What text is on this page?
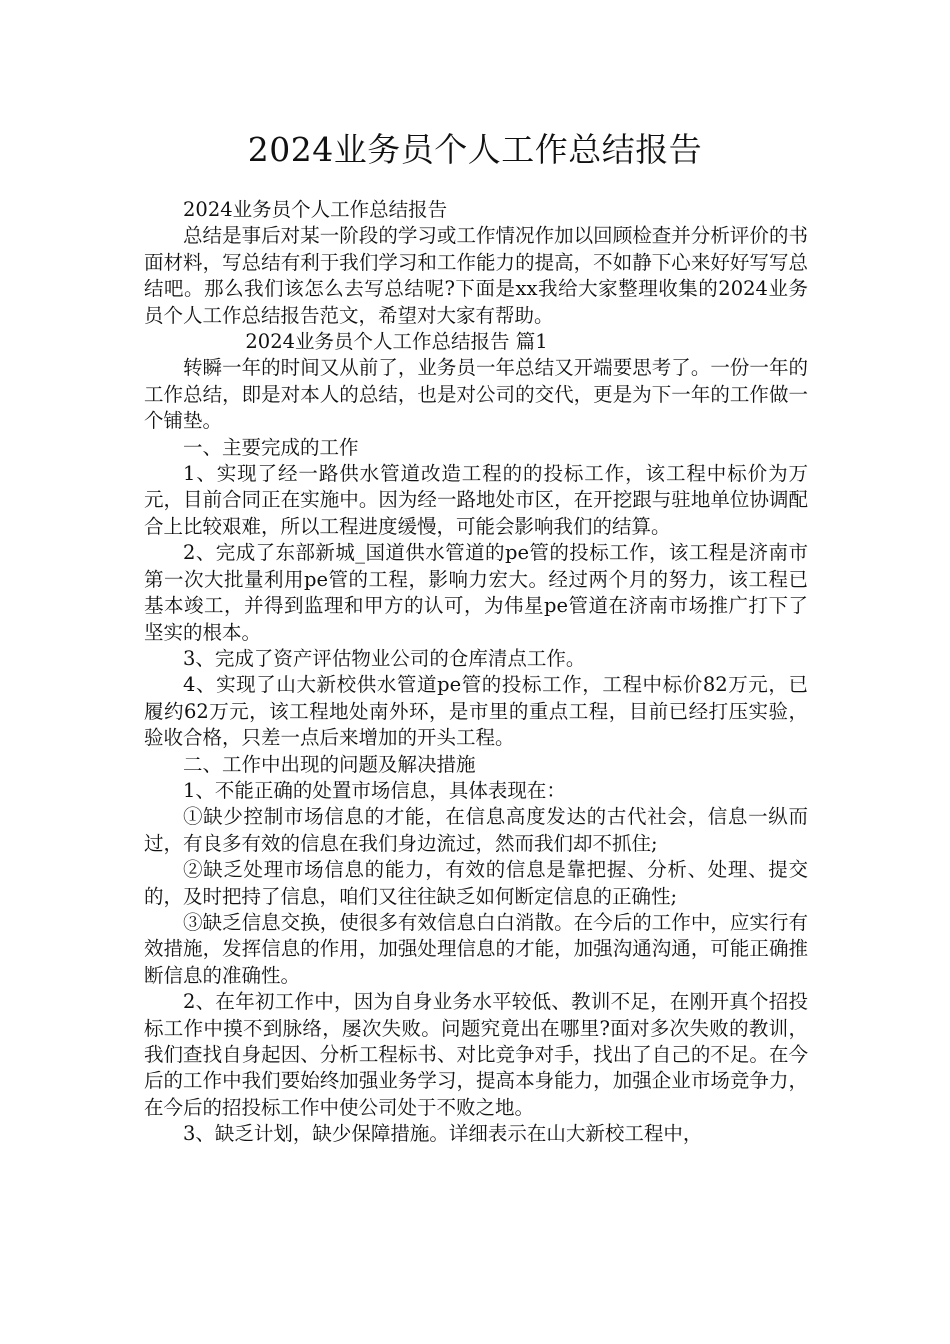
2024业务员个人工作总结报告

2024业务员个人工作总结报告

总结是事后对某一阶段的学习或工作情况作加以回顾检查并分析评价的书面材料，写总结有利于我们学习和工作能力的提高，不如静下心来好好写写总结吧。那么我们该怎么去写总结呢?下面是xx我给大家整理收集的2024业务员个人工作总结报告范文，希望对大家有帮助。

2024业务员个人工作总结报告 篇1

转瞬一年的时间又从前了，业务员一年总结又开端要思考了。一份一年的工作总结，即是对本人的总结，也是对公司的交代，更是为下一年的工作做一个铺垫。

一、主要完成的工作

1、实现了经一路供水管道改造工程的的投标工作，该工程中标价为万元，目前合同正在实施中。因为经一路地处市区，在开挖跟与驻地单位协调配合上比较艰难，所以工程进度缓慢，可能会影响我们的结算。

2、完成了东部新城_国道供水管道的pe管的投标工作，该工程是济南市第一次大批量利用pe管的工程，影响力宏大。经过两个月的努力，该工程已基本竣工，并得到监理和甲方的认可，为伟星pe管道在济南市场推广打下了坚实的根本。

3、完成了资产评估物业公司的仓库清点工作。

4、实现了山大新校供水管道pe管的投标工作，工程中标价82万元，已履约62万元，该工程地处南外环，是市里的重点工程，目前已经打压实验，验收合格，只差一点后来增加的开头工程。

二、工作中出现的问题及解决措施

1、不能正确的处置市场信息，具体表现在：

①缺少控制市场信息的才能，在信息高度发达的古代社会，信息一纵而过，有良多有效的信息在我们身边流过，然而我们却不抓住;

②缺乏处理市场信息的能力，有效的信息是靠把握、分析、处理、提交的，及时把持了信息，咱们又往往缺乏如何断定信息的正确性;

③缺乏信息交换，使很多有效信息白白消散。在今后的工作中，应实行有效措施，发挥信息的作用，加强处理信息的才能，加强沟通沟通，可能正确推断信息的准确性。

2、在年初工作中，因为自身业务水平较低、教训不足，在刚开真个招投标工作中摸不到脉络，屡次失败。问题究竟出在哪里?面对多次失败的教训，我们查找自身起因、分析工程标书、对比竞争对手，找出了自己的不足。在今后的工作中我们要始终加强业务学习，提高本身能力，加强企业市场竞争力，在今后的招投标工作中使公司处于不败之地。

3、缺乏计划，缺少保障措施。详细表示在山大新校工程中，
